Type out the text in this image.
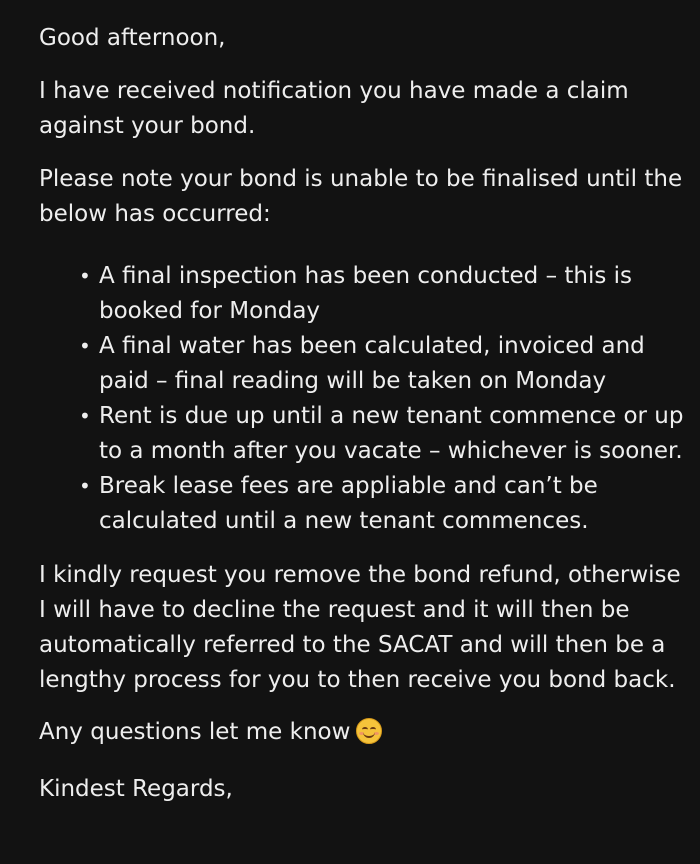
Good afternoon,

I have received notification you have made a claim against your bond.

Please note your bond is unable to be finalised until the below has occurred:

• A final inspection has been conducted – this is booked for Monday
• A final water has been calculated, invoiced and paid – final reading will be taken on Monday
• Rent is due up until a new tenant commence or up to a month after you vacate – whichever is sooner.
• Break lease fees are appliable and can’t be calculated until a new tenant commences.

I kindly request you remove the bond refund, otherwise I will have to decline the request and it will then be automatically referred to the SACAT and will then be a lengthy process for you to then receive you bond back.

Any questions let me know

Kindest Regards,
